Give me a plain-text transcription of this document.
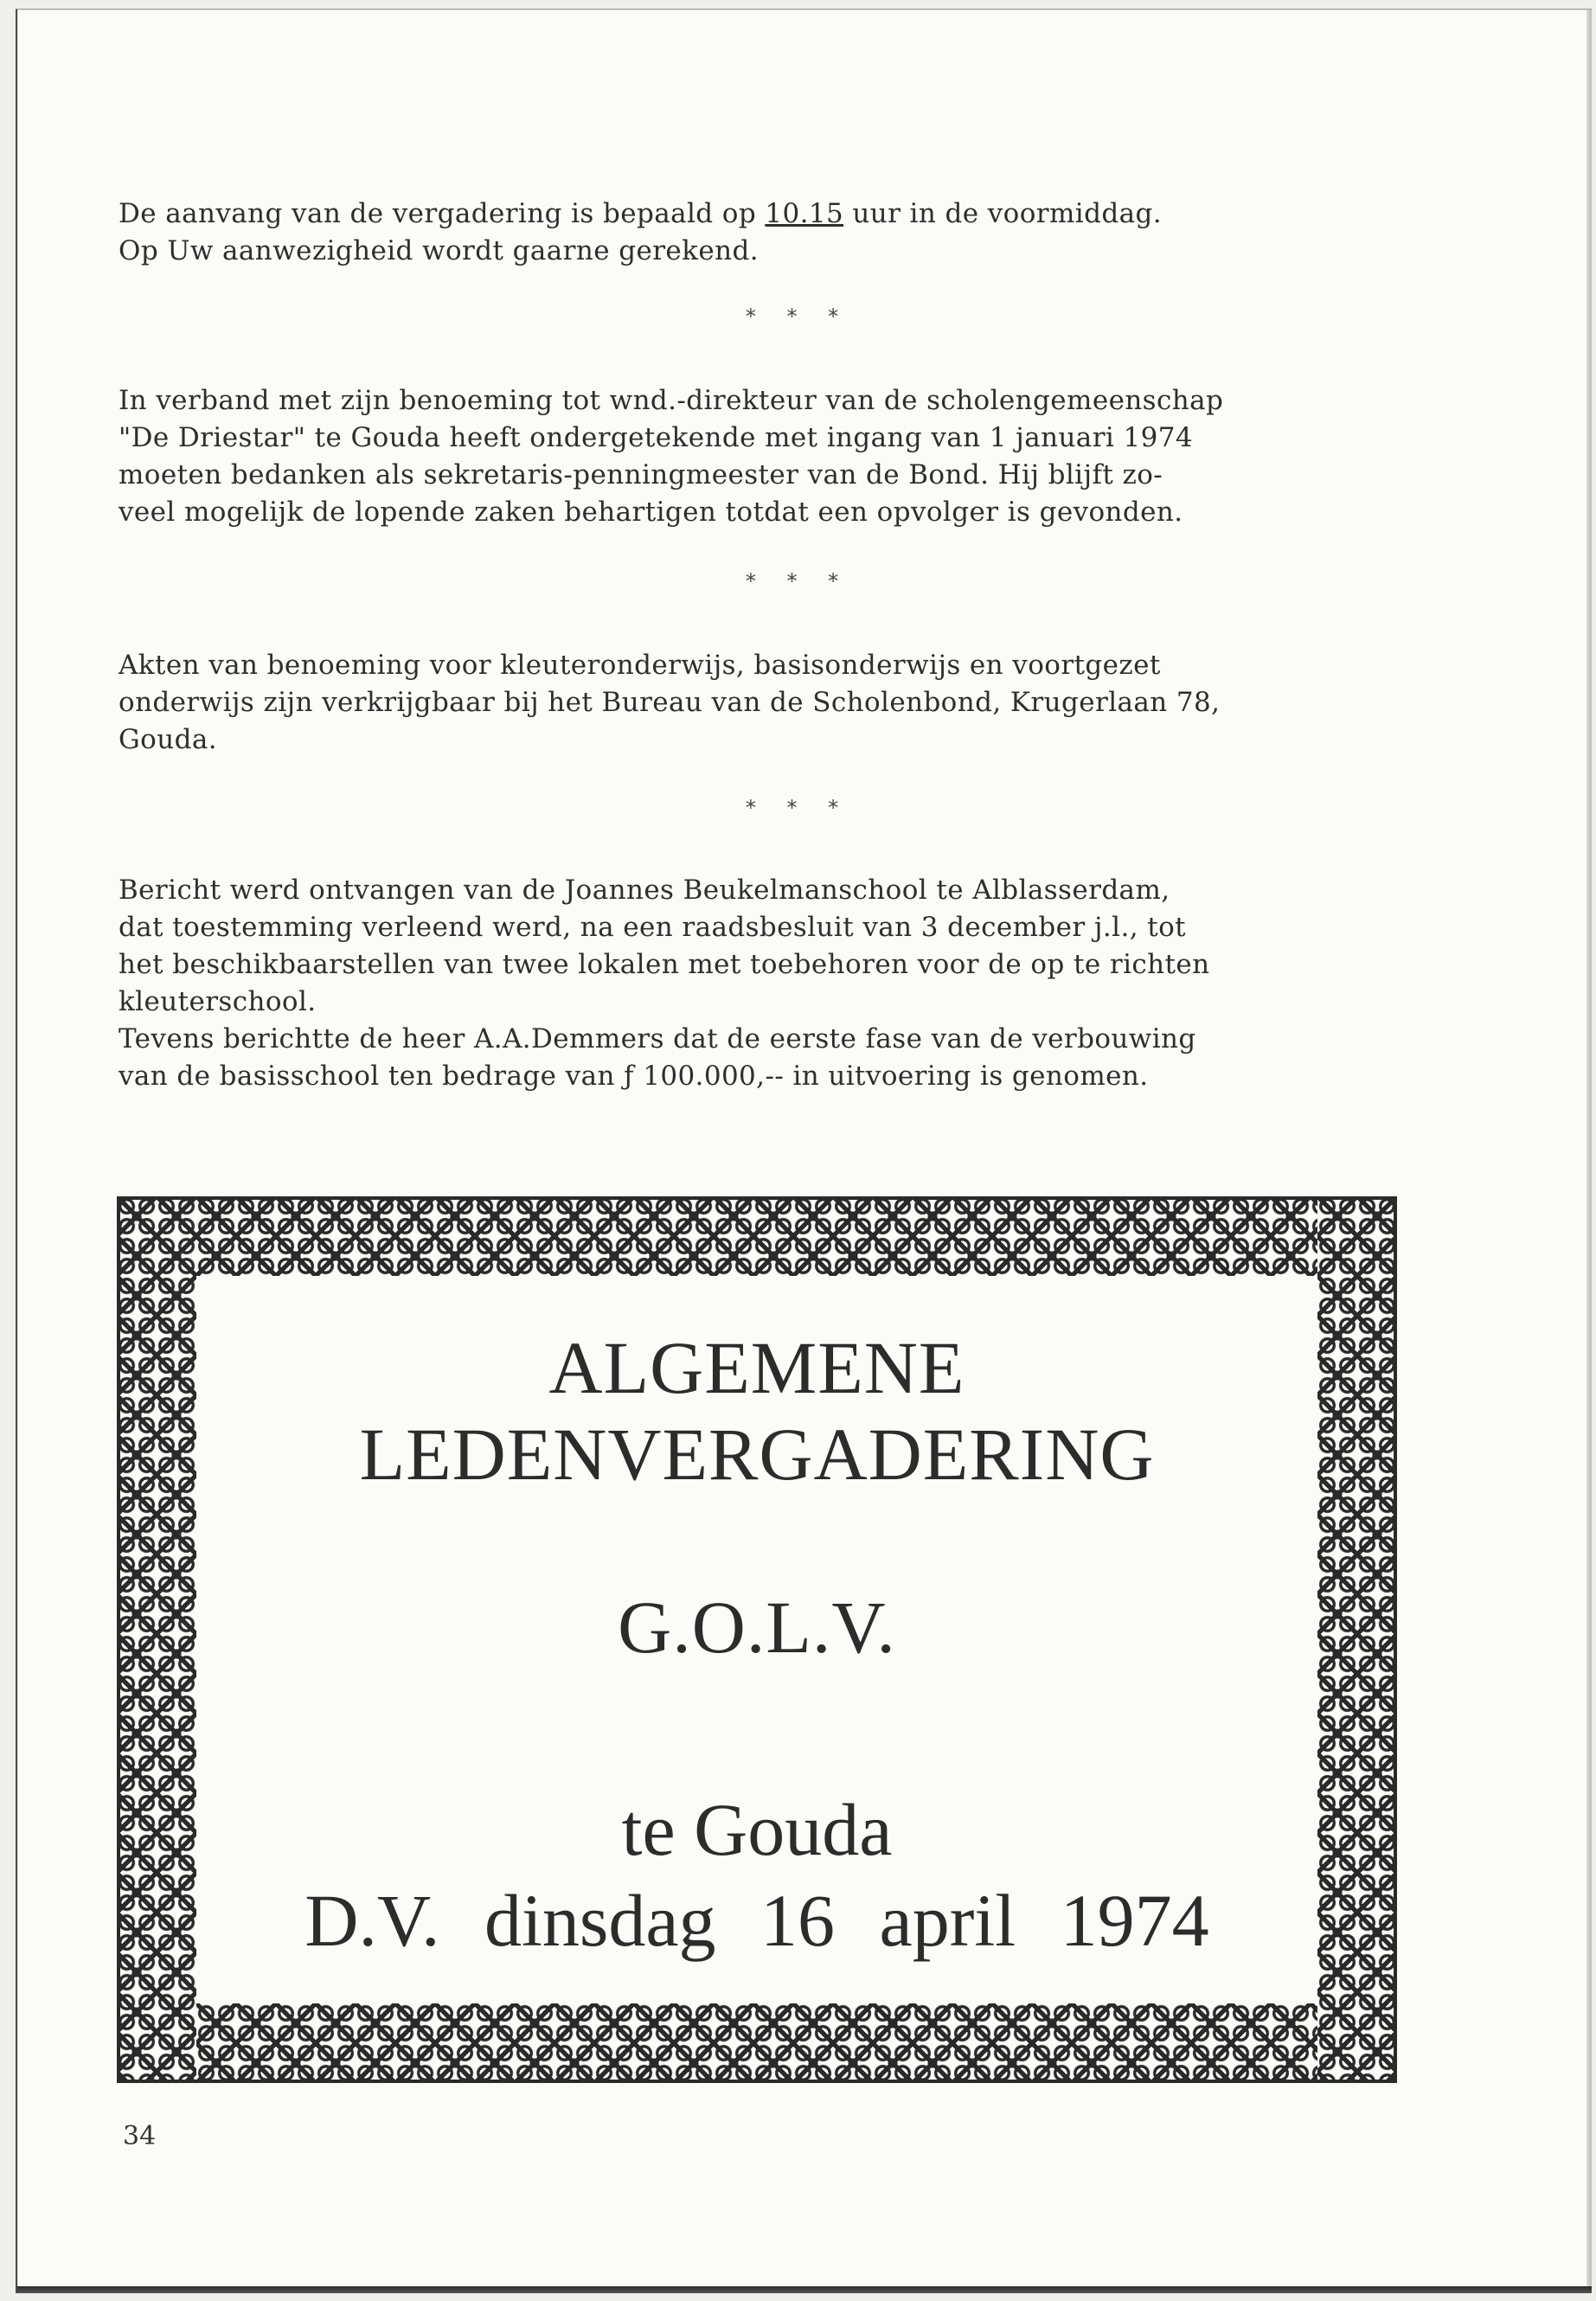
De aanvang van de vergadering is bepaald op 10.15 uur in de voormiddag.

Op Uw aanwezigheid wordt gaarne gerekend.

* * *

In verband met zijn benoeming tot wnd.-direkteur van de scholengemeenschap

"De Driestar" te Gouda heeft ondergetekende met ingang van 1 januari 1974

moeten bedanken als sekretaris-penningmeester van de Bond. Hij blijft zo-

veel mogelijk de lopende zaken behartigen totdat een opvolger is gevonden.

* * *

Akten van benoeming voor kleuteronderwijs, basisonderwijs en voortgezet

onderwijs zijn verkrijgbaar bij het Bureau van de Scholenbond, Krugerlaan 78,

Gouda.

* * *

Bericht werd ontvangen van de Joannes Beukelmanschool te Alblasserdam,

dat toestemming verleend werd, na een raadsbesluit van 3 december j.l., tot

het beschikbaarstellen van twee lokalen met toebehoren voor de op te richten

kleuterschool.

Tevens berichtte de heer A.A.Demmers dat de eerste fase van de verbouwing

van de basisschool ten bedrage van ƒ 100.000,-- in uitvoering is genomen.

ALGEMENE
LEDENVERGADERING
G.O.L.V.
te Gouda
D.V. dinsdag 16 april 1974
34
